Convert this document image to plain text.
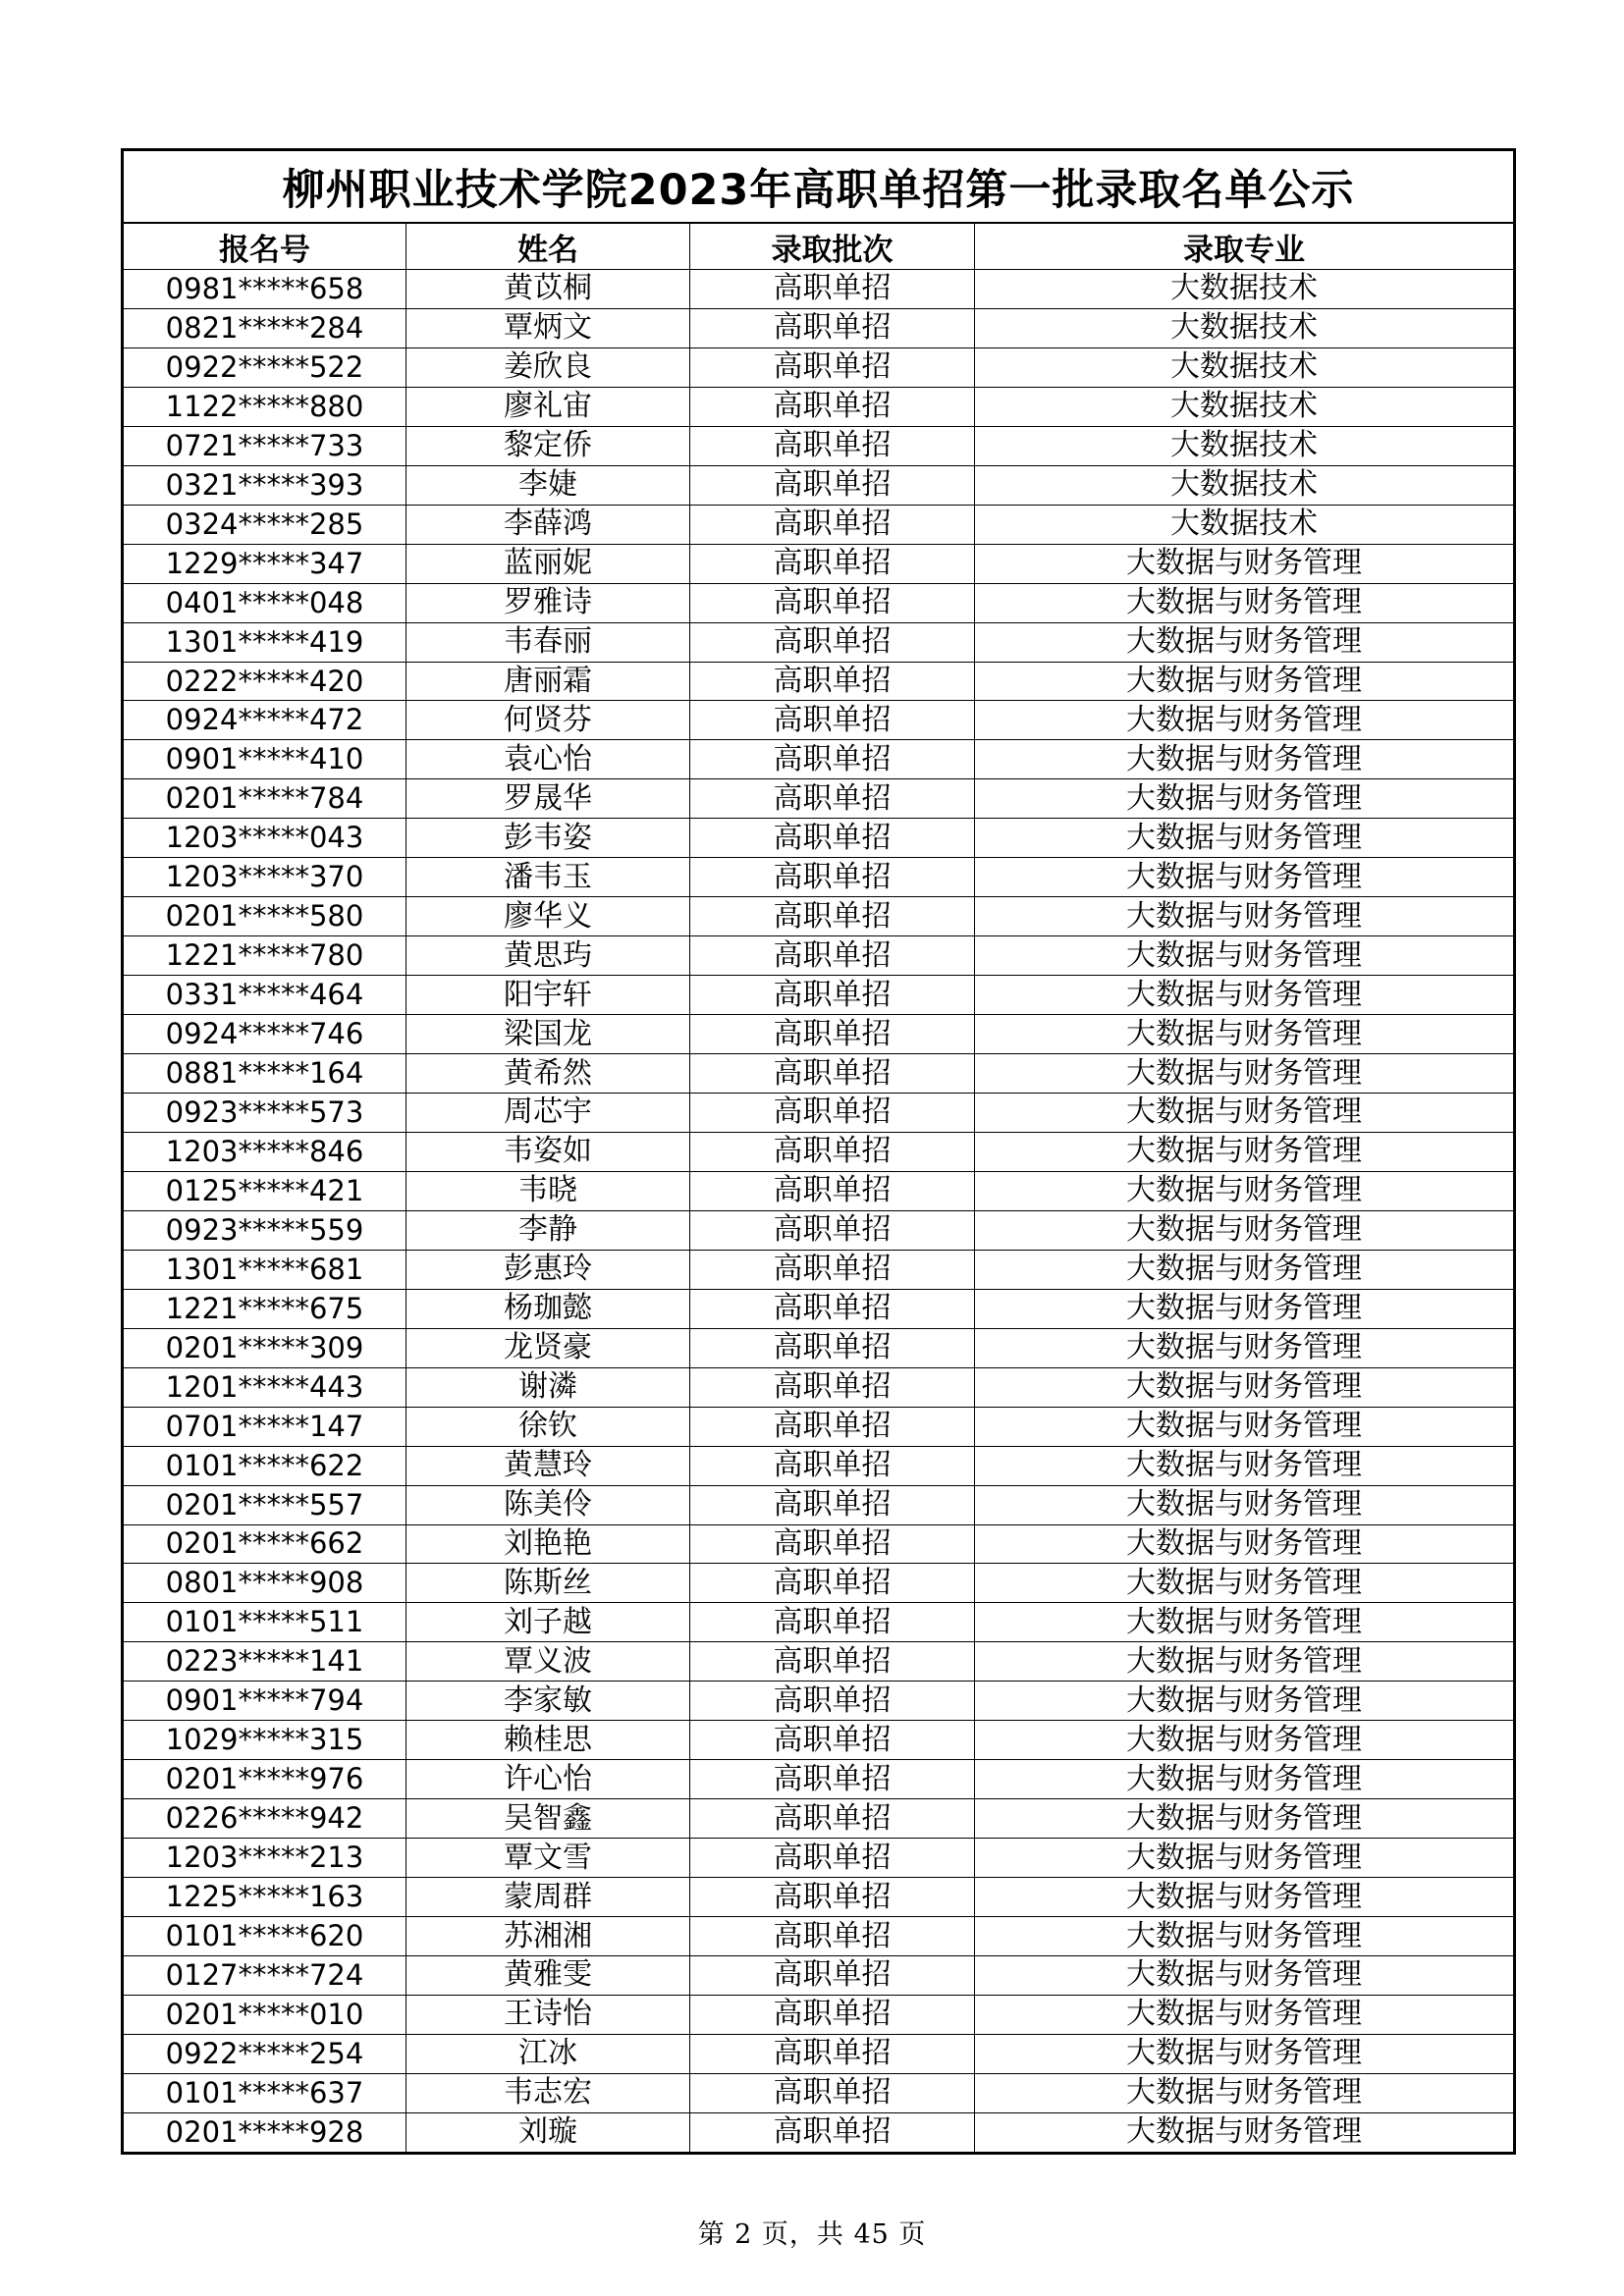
柳州职业技术学院2023年高职单招第一批录取名单公示			
报名号	姓名	录取批次	录取专业
0981*****658	黄苡桐	高职单招	大数据技术
0821*****284	覃炳文	高职单招	大数据技术
0922*****522	姜欣良	高职单招	大数据技术
1122*****880	廖礼宙	高职单招	大数据技术
0721*****733	黎定侨	高职单招	大数据技术
0321*****393	李婕	高职单招	大数据技术
0324*****285	李薛鸿	高职单招	大数据技术
1229*****347	蓝丽妮	高职单招	大数据与财务管理
0401*****048	罗雅诗	高职单招	大数据与财务管理
1301*****419	韦春丽	高职单招	大数据与财务管理
0222*****420	唐丽霜	高职单招	大数据与财务管理
0924*****472	何贤芬	高职单招	大数据与财务管理
0901*****410	袁心怡	高职单招	大数据与财务管理
0201*****784	罗晟华	高职单招	大数据与财务管理
1203*****043	彭韦姿	高职单招	大数据与财务管理
1203*****370	潘韦玉	高职单招	大数据与财务管理
0201*****580	廖华义	高职单招	大数据与财务管理
1221*****780	黄思玙	高职单招	大数据与财务管理
0331*****464	阳宇轩	高职单招	大数据与财务管理
0924*****746	梁国龙	高职单招	大数据与财务管理
0881*****164	黄希然	高职单招	大数据与财务管理
0923*****573	周芯宇	高职单招	大数据与财务管理
1203*****846	韦姿如	高职单招	大数据与财务管理
0125*****421	韦晓	高职单招	大数据与财务管理
0923*****559	李静	高职单招	大数据与财务管理
1301*****681	彭惠玲	高职单招	大数据与财务管理
1221*****675	杨珈懿	高职单招	大数据与财务管理
0201*****309	龙贤豪	高职单招	大数据与财务管理
1201*****443	谢潾	高职单招	大数据与财务管理
0701*****147	徐钦	高职单招	大数据与财务管理
0101*****622	黄慧玲	高职单招	大数据与财务管理
0201*****557	陈美伶	高职单招	大数据与财务管理
0201*****662	刘艳艳	高职单招	大数据与财务管理
0801*****908	陈斯丝	高职单招	大数据与财务管理
0101*****511	刘子越	高职单招	大数据与财务管理
0223*****141	覃义波	高职单招	大数据与财务管理
0901*****794	李家敏	高职单招	大数据与财务管理
1029*****315	赖桂思	高职单招	大数据与财务管理
0201*****976	许心怡	高职单招	大数据与财务管理
0226*****942	吴智鑫	高职单招	大数据与财务管理
1203*****213	覃文雪	高职单招	大数据与财务管理
1225*****163	蒙周群	高职单招	大数据与财务管理
0101*****620	苏湘湘	高职单招	大数据与财务管理
0127*****724	黄雅雯	高职单招	大数据与财务管理
0201*****010	王诗怡	高职单招	大数据与财务管理
0922*****254	江冰	高职单招	大数据与财务管理
0101*****637	韦志宏	高职单招	大数据与财务管理
0201*****928	刘璇	高职单招	大数据与财务管理
第 2 页，共 45 页
